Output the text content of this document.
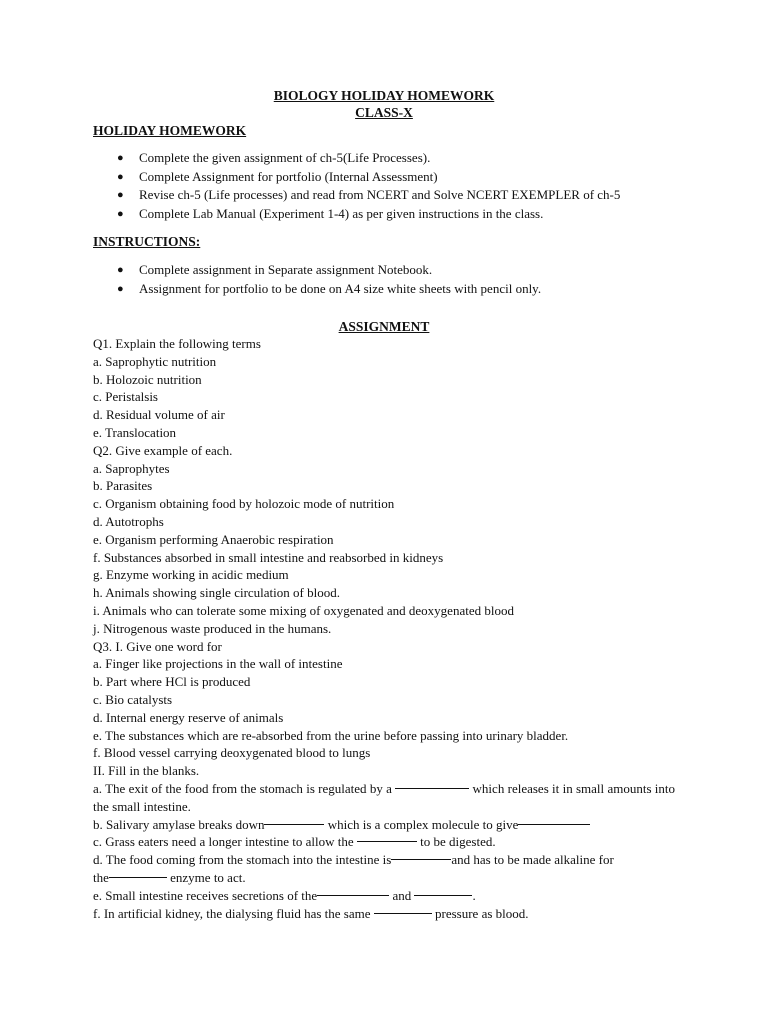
BIOLOGY HOLIDAY HOMEWORK
CLASS-X
HOLIDAY HOMEWORK
● Complete the given assignment of ch-5(Life Processes).
● Complete Assignment for portfolio (Internal Assessment)
● Revise ch-5 (Life processes) and read from NCERT and Solve NCERT EXEMPLER of ch-5
● Complete Lab Manual (Experiment 1-4) as per given instructions in the class.
INSTRUCTIONS:
● Complete assignment in Separate assignment Notebook.
● Assignment for portfolio to be done on A4 size white sheets with pencil only.
ASSIGNMENT
Q1. Explain the following terms
a. Saprophytic nutrition
b. Holozoic nutrition
c. Peristalsis
d. Residual volume of air
e. Translocation
Q2. Give example of each.
a. Saprophytes
b. Parasites
c. Organism obtaining food by holozoic mode of nutrition
d. Autotrophs
e. Organism performing Anaerobic respiration
f. Substances absorbed in small intestine and reabsorbed in kidneys
g. Enzyme working in acidic medium
h. Animals showing single circulation of blood.
i. Animals who can tolerate some mixing of oxygenated and deoxygenated blood
j. Nitrogenous waste produced in the humans.
Q3. I. Give one word for
a. Finger like projections in the wall of intestine
b. Part where HCl is produced
c. Bio catalysts
d. Internal energy reserve of animals
e. The substances which are re-absorbed from the urine before passing into urinary bladder.
f. Blood vessel carrying deoxygenated blood to lungs
II. Fill in the blanks.
a. The exit of the food from the stomach is regulated by a	which releases it in small amounts into the small intestine.
b. Salivary amylase breaks down	which is a complex molecule to give
c. Grass eaters need a longer intestine to allow the	to be digested.
d. The food coming from the stomach into the intestine is	and has to be made alkaline for
the	enzyme to act.
e. Small intestine receives secretions of the	and	.
f. In artificial kidney, the dialysing fluid has the same	pressure as blood.
